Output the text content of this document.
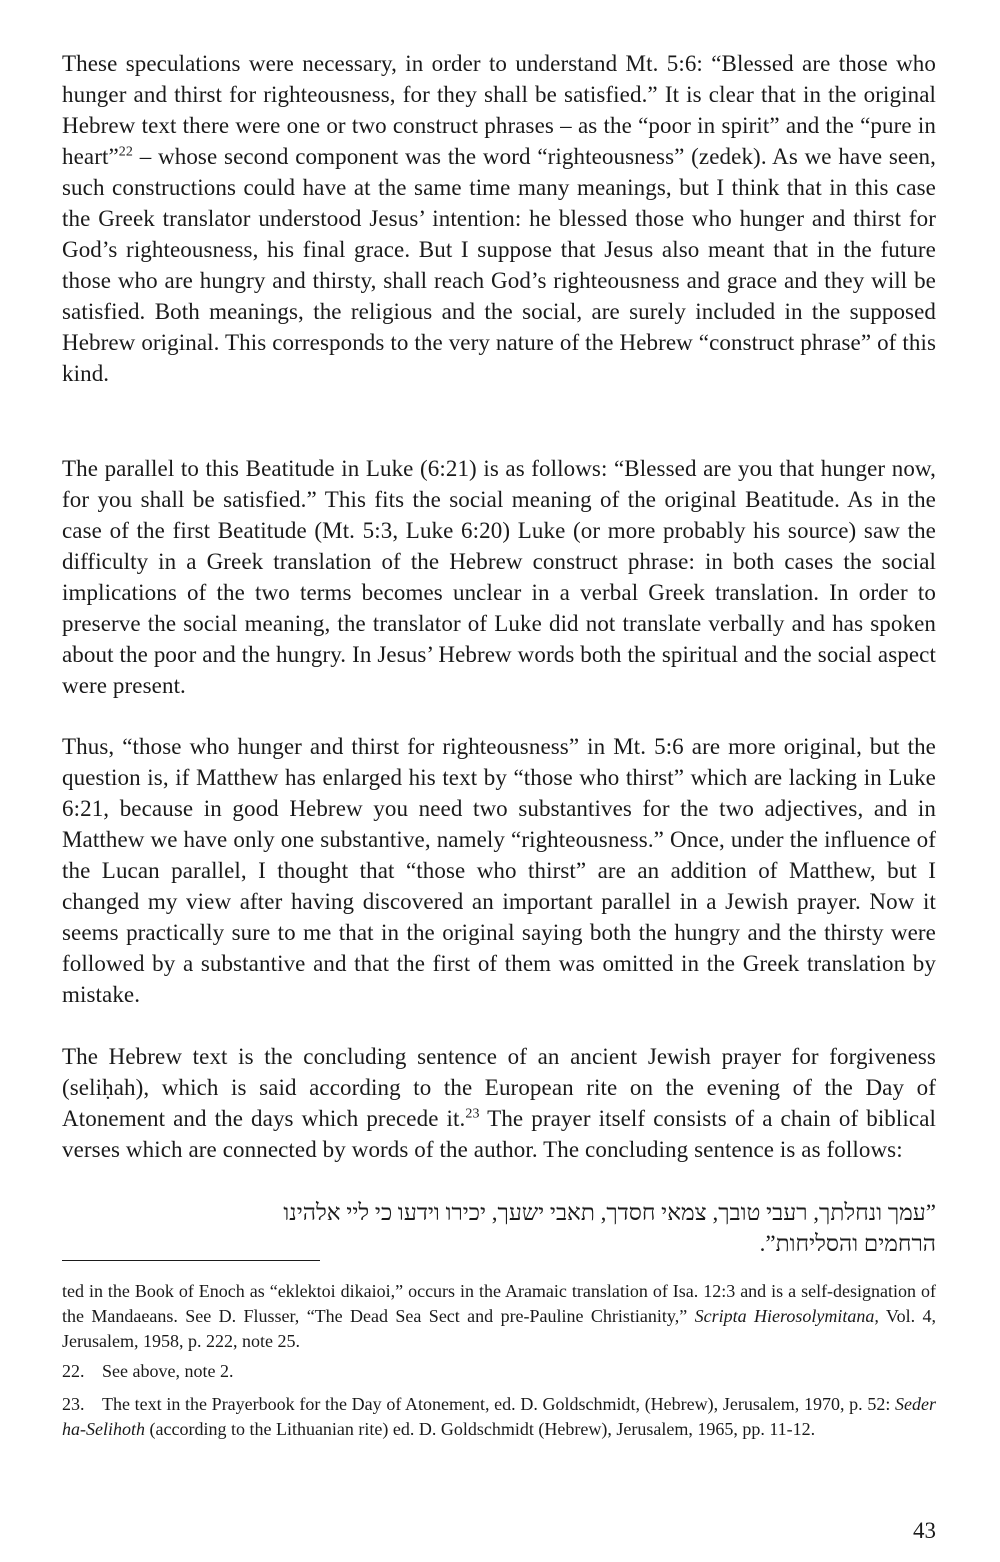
These speculations were necessary, in order to understand Mt. 5:6: “Blessed are those who hunger and thirst for righteousness, for they shall be satisfied.” It is clear that in the original Hebrew text there were one or two construct phrases – as the “poor in spirit” and the “pure in heart”$^{22}$ – whose second component was the word “righteousness” (zedek). As we have seen, such constructions could have at the same time many meanings, but I think that in this case the Greek translator understood Jesus’ intention: he blessed those who hunger and thirst for God’s righteousness, his final grace. But I suppose that Jesus also meant that in the future those who are hungry and thirsty, shall reach God’s righteousness and grace and they will be satisfied. Both meanings, the religious and the social, are surely included in the supposed Hebrew original. This corresponds to the very nature of the Hebrew “construct phrase” of this kind.

The parallel to this Beatitude in Luke (6:21) is as follows: “Blessed are you that hunger now, for you shall be satisfied.” This fits the social meaning of the original Beatitude. As in the case of the first Beatitude (Mt. 5:3, Luke 6:20) Luke (or more probably his source) saw the difficulty in a Greek translation of the Hebrew construct phrase: in both cases the social implications of the two terms becomes unclear in a verbal Greek translation. In order to preserve the social meaning, the translator of Luke did not translate verbally and has spoken about the poor and the hungry. In Jesus’ Hebrew words both the spiritual and the social aspect were present.

Thus, “those who hunger and thirst for righteousness” in Mt. 5:6 are more original, but the question is, if Matthew has enlarged his text by “those who thirst” which are lacking in Luke 6:21, because in good Hebrew you need two substantives for the two adjectives, and in Matthew we have only one substantive, namely “righteousness.” Once, under the influence of the Lucan parallel, I thought that “those who thirst” are an addition of Matthew, but I changed my view after having discovered an important parallel in a Jewish prayer. Now it seems practically sure to me that in the original saying both the hungry and the thirsty were followed by a substantive and that the first of them was omitted in the Greek translation by mistake.

The Hebrew text is the concluding sentence of an ancient Jewish prayer for forgiveness (seliḥah), which is said according to the European rite on the evening of the Day of Atonement and the days which precede it.$^{23}$ The prayer itself consists of a chain of biblical verses which are connected by words of the author. The concluding sentence is as follows:

”עמך ונחלתך, רעבי טובך, צמאי חסדך, תאבי ישעך, יכירו וידעו כי ליי אלהינו

הרחמים והסליחות”.

ted in the Book of Enoch as “eklektoi dikaioi,” occurs in the Aramaic translation of Isa. 12:3 and is a self-designation of the Mandaeans. See D. Flusser, “The Dead Sea Sect and pre-Pauline Christianity,” Scripta Hierosolymitana, Vol. 4, Jerusalem, 1958, p. 222, note 25.

22. See above, note 2.

23. The text in the Prayerbook for the Day of Atonement, ed. D. Goldschmidt, (Hebrew), Jerusalem, 1970, p. 52: Seder ha-Selihoth (according to the Lithuanian rite) ed. D. Goldschmidt (Hebrew), Jerusalem, 1965, pp. 11-12.

43
